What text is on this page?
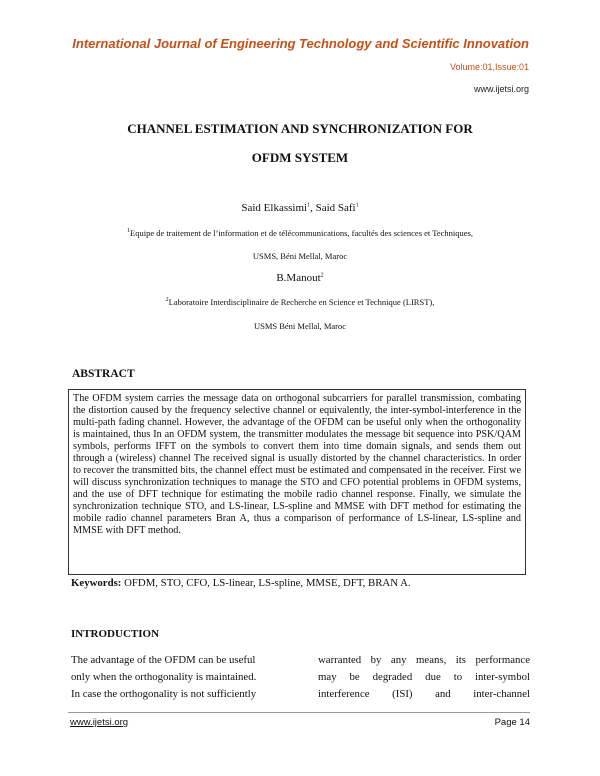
International Journal of Engineering Technology and Scientific Innovation
Volume:01,Issue:01
www.ijetsi.org
CHANNEL ESTIMATION AND SYNCHRONIZATION FOR
OFDM SYSTEM
Said Elkassimi$^1$, Said Safi$^1$
$^1$Equipe de traitement de l’information et de télécommunications, facultés des sciences et Techniques,
USMS, Béni Mellal, Maroc
B.Manout$^2$
$^2$Laboratoire Interdisciplinaire de Recherche en Science et Technique (LIRST),
USMS Béni Mellal, Maroc
ABSTRACT
The OFDM system carries the message data on orthogonal subcarriers for parallel transmission, combating the distortion caused by the frequency selective channel or equivalently, the inter-symbol-interference in the multi-path fading channel. However, the advantage of the OFDM can be useful only when the orthogonality is maintained, thus In an OFDM system, the transmitter modulates the message bit sequence into PSK/QAM symbols, performs IFFT on the symbols to convert them into time domain signals, and sends them out through a (wireless) channel The received signal is usually distorted by the channel characteristics. In order to recover the transmitted bits, the channel effect must be estimated and compensated in the receiver. First we will discuss synchronization techniques to manage the STO and CFO potential problems in OFDM systems, and the use of DFT technique for estimating the mobile radio channel response. Finally, we simulate the synchronization technique STO, and LS-linear, LS-spline and MMSE with DFT method for estimating the mobile radio channel parameters Bran A, thus a comparison of performance of LS-linear, LS-spline and MMSE with DFT method.
Keywords: OFDM, STO, CFO, LS-linear, LS-spline, MMSE, DFT, BRAN A.
INTRODUCTION
The advantage of the OFDM can be useful
only when the orthogonality is maintained.
In case the orthogonality is not sufficiently
warranted by any means, its performance
may be degraded due to inter-symbol
interference (ISI) and inter-channel
www.ijetsi.org	Page 14
